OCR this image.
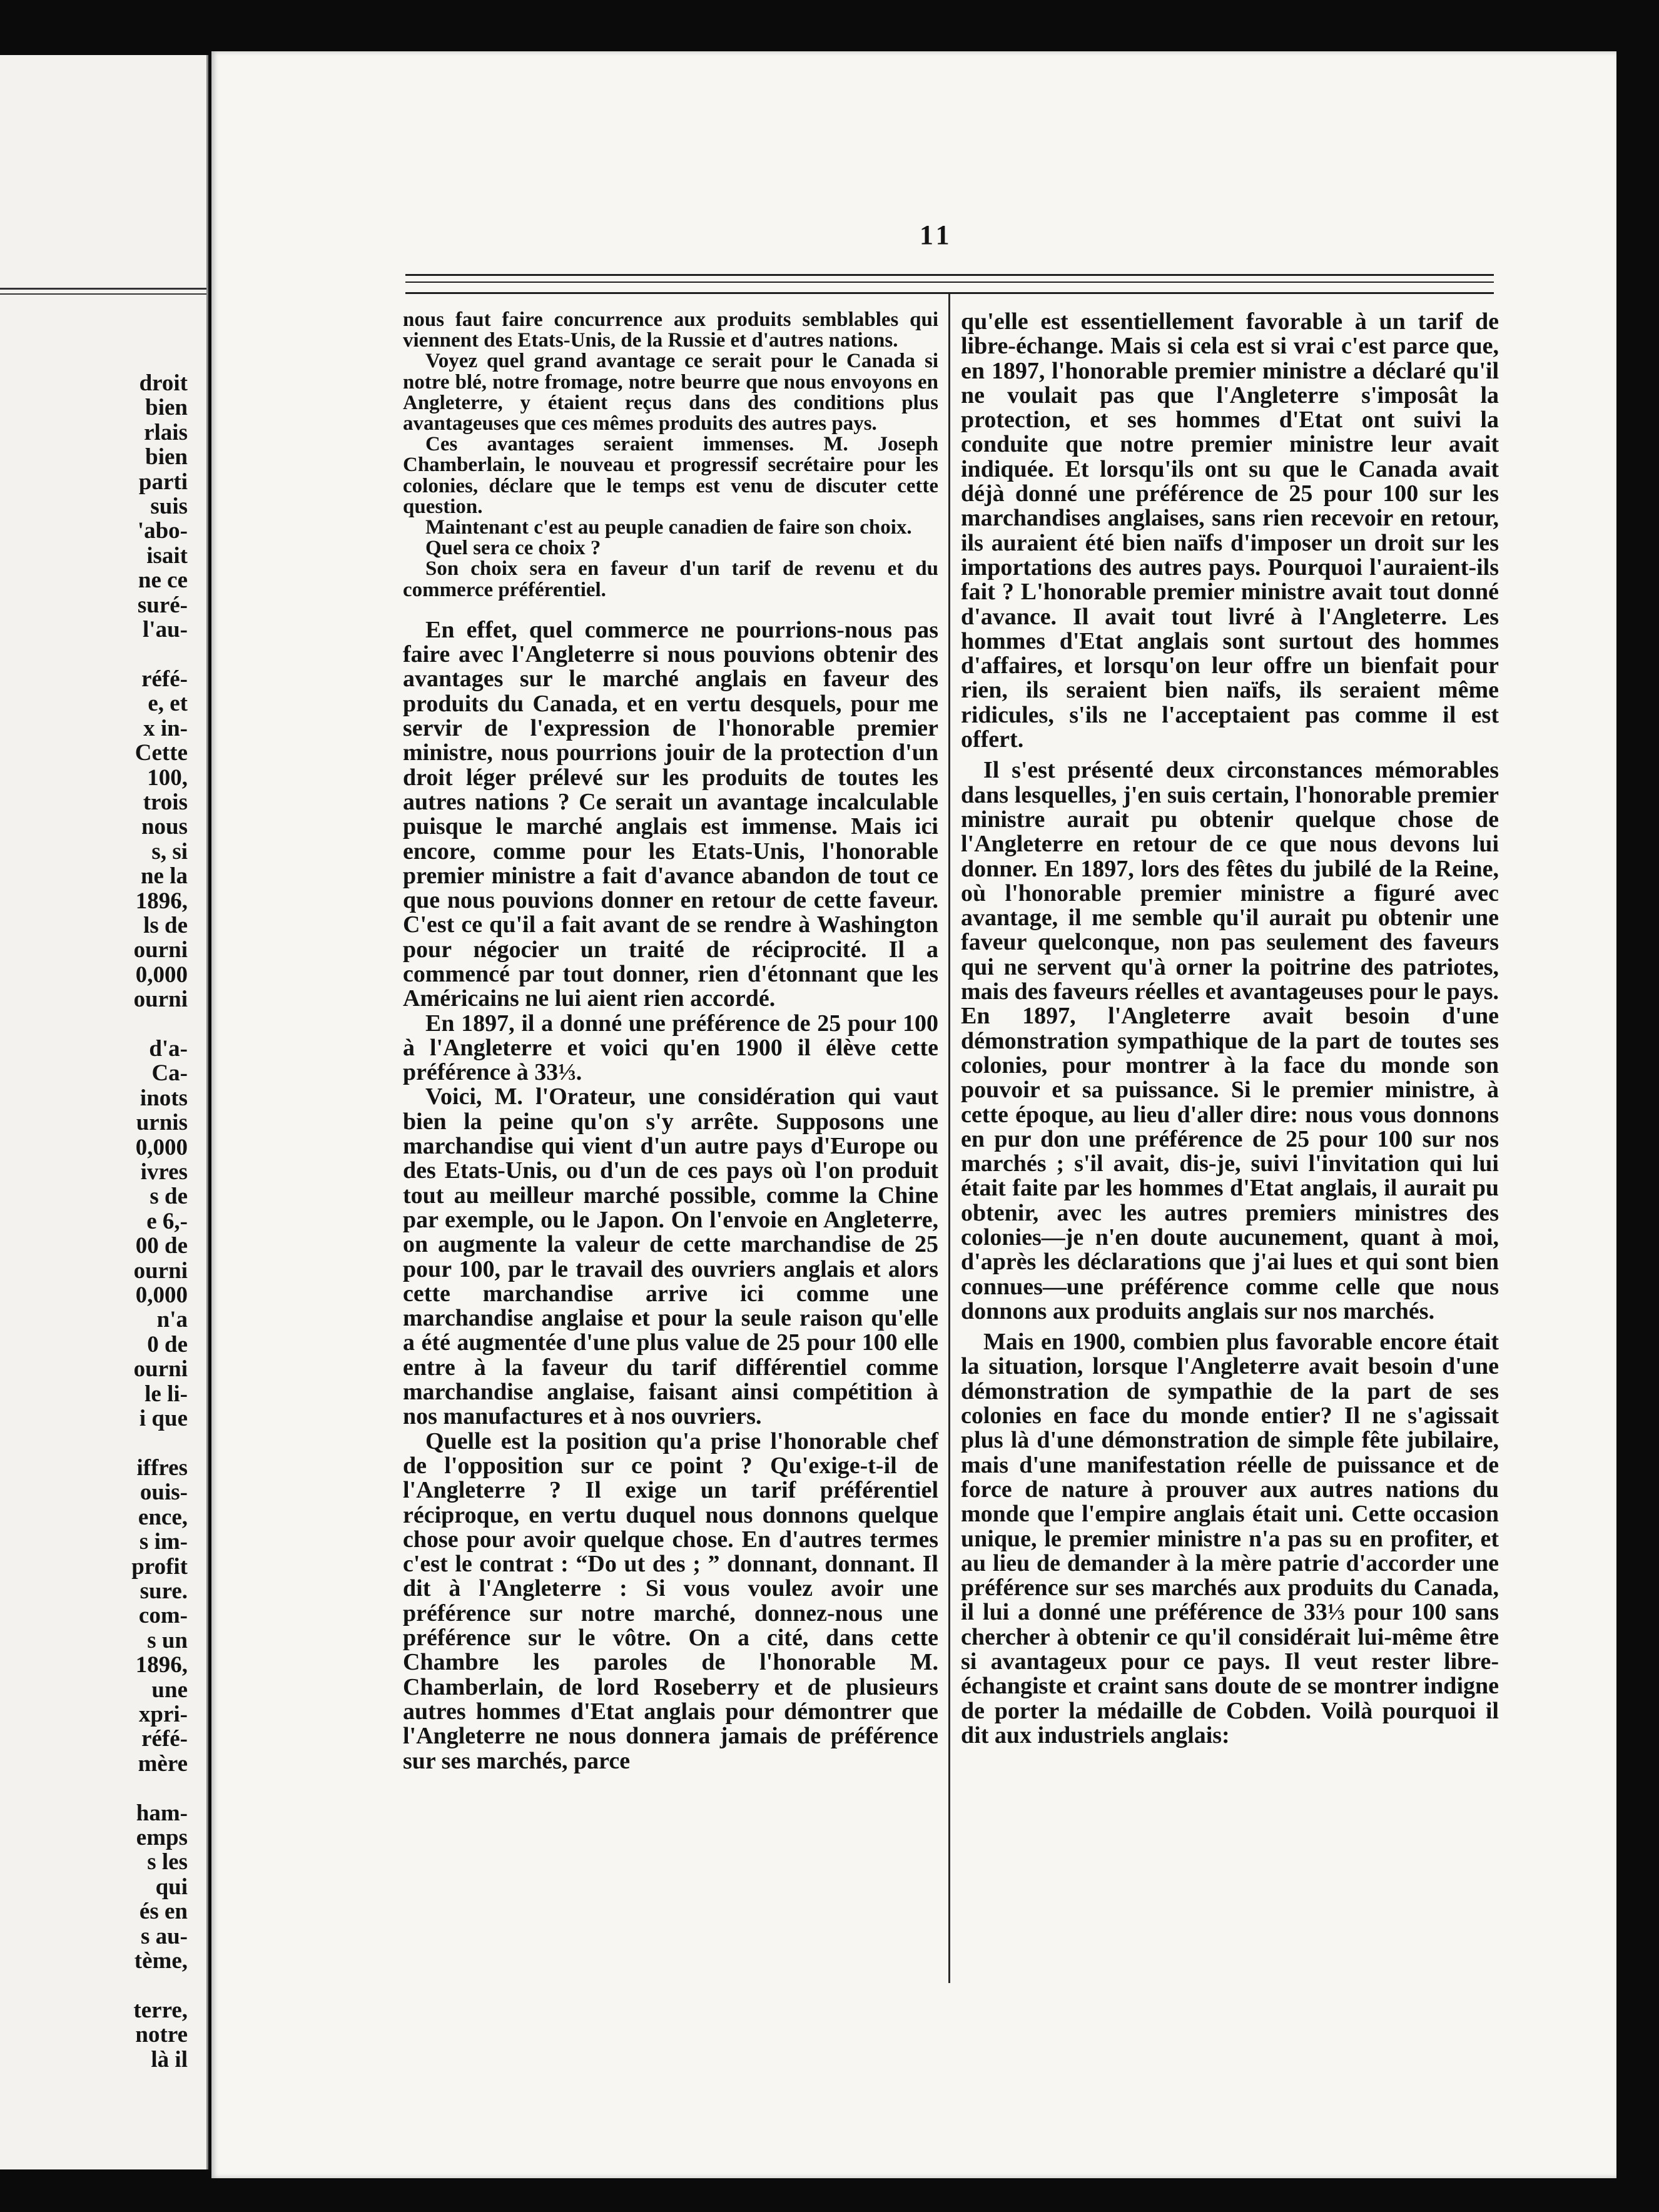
droit
bien
rlais
bien
parti
suis
'abo-
isait
ne ce
suré-
l'au-

réfé-
e, et
x in-
Cette
100,
trois
nous
s, si
ne la
1896,
ls de
ourni
0,000
ourni

d'a-
Ca-
inots
urnis
0,000
ivres
s de
e 6,-
00 de
ourni
0,000
n'a
0 de
ourni
le li-
i que

iffres
ouis-
ence,
s im-
profit
sure.
com-
s un
1896,
une
xpri-
réfé-
mère

ham-
emps
s les
qui
és en
s au-
tème,

terre,
notre
là il
11

nous faut faire concurrence aux produits semblables qui viennent des Etats-Unis, de la Russie et d'autres nations.

Voyez quel grand avantage ce serait pour le Canada si notre blé, notre fromage, notre beurre que nous envoyons en Angleterre, y étaient reçus dans des conditions plus avantageuses que ces mêmes produits des autres pays.

Ces avantages seraient immenses. M. Joseph Chamberlain, le nouveau et progressif secrétaire pour les colonies, déclare que le temps est venu de discuter cette question.

Maintenant c'est au peuple canadien de faire son choix.

Quel sera ce choix ?

Son choix sera en faveur d'un tarif de revenu et du commerce préférentiel.

En effet, quel commerce ne pourrions-nous pas faire avec l'Angleterre si nous pouvions obtenir des avantages sur le marché anglais en faveur des produits du Canada, et en vertu desquels, pour me servir de l'expression de l'honorable premier ministre, nous pourrions jouir de la protection d'un droit léger prélevé sur les produits de toutes les autres nations ? Ce serait un avantage incalculable puisque le marché anglais est immense. Mais ici encore, comme pour les Etats-Unis, l'honorable premier ministre a fait d'avance abandon de tout ce que nous pouvions donner en retour de cette faveur. C'est ce qu'il a fait avant de se rendre à Washington pour négocier un traité de réciprocité. Il a commencé par tout donner, rien d'étonnant que les Américains ne lui aient rien accordé.

En 1897, il a donné une préférence de 25 pour 100 à l'Angleterre et voici qu'en 1900 il élève cette préférence à 33⅓.

Voici, M. l'Orateur, une considération qui vaut bien la peine qu'on s'y arrête. Supposons une marchandise qui vient d'un autre pays d'Europe ou des Etats-Unis, ou d'un de ces pays où l'on produit tout au meilleur marché possible, comme la Chine par exemple, ou le Japon. On l'envoie en Angleterre, on augmente la valeur de cette marchandise de 25 pour 100, par le travail des ouvriers anglais et alors cette marchandise arrive ici comme une marchandise anglaise et pour la seule raison qu'elle a été augmentée d'une plus value de 25 pour 100 elle entre à la faveur du tarif différentiel comme marchandise anglaise, faisant ainsi compétition à nos manufactures et à nos ouvriers.

Quelle est la position qu'a prise l'honorable chef de l'opposition sur ce point ? Qu'exige-t-il de l'Angleterre ? Il exige un tarif préférentiel réciproque, en vertu duquel nous donnons quelque chose pour avoir quelque chose. En d'autres termes c'est le contrat : “Do ut des ; ” donnant, donnant. Il dit à l'Angleterre : Si vous voulez avoir une préférence sur notre marché, donnez-nous une préférence sur le vôtre. On a cité, dans cette Chambre les paroles de l'honorable M. Chamberlain, de lord Roseberry et de plusieurs autres hommes d'Etat anglais pour démontrer que l'Angleterre ne nous donnera jamais de préférence sur ses marchés, parce

qu'elle est essentiellement favorable à un tarif de libre-échange. Mais si cela est si vrai c'est parce que, en 1897, l'honorable premier ministre a déclaré qu'il ne voulait pas que l'Angleterre s'imposât la protection, et ses hommes d'Etat ont suivi la conduite que notre premier ministre leur avait indiquée. Et lorsqu'ils ont su que le Canada avait déjà donné une préférence de 25 pour 100 sur les marchandises anglaises, sans rien recevoir en retour, ils auraient été bien naïfs d'imposer un droit sur les importations des autres pays. Pourquoi l'auraient-ils fait ? L'honorable premier ministre avait tout donné d'avance. Il avait tout livré à l'Angleterre. Les hommes d'Etat anglais sont surtout des hommes d'affaires, et lorsqu'on leur offre un bienfait pour rien, ils seraient bien naïfs, ils seraient même ridicules, s'ils ne l'acceptaient pas comme il est offert.

Il s'est présenté deux circonstances mémorables dans lesquelles, j'en suis certain, l'honorable premier ministre aurait pu obtenir quelque chose de l'Angleterre en retour de ce que nous devons lui donner. En 1897, lors des fêtes du jubilé de la Reine, où l'honorable premier ministre a figuré avec avantage, il me semble qu'il aurait pu obtenir une faveur quelconque, non pas seulement des faveurs qui ne servent qu'à orner la poitrine des patriotes, mais des faveurs réelles et avantageuses pour le pays. En 1897, l'Angleterre avait besoin d'une démonstration sympathique de la part de toutes ses colonies, pour montrer à la face du monde son pouvoir et sa puissance. Si le premier ministre, à cette époque, au lieu d'aller dire: nous vous donnons en pur don une préférence de 25 pour 100 sur nos marchés ; s'il avait, dis-je, suivi l'invitation qui lui était faite par les hommes d'Etat anglais, il aurait pu obtenir, avec les autres premiers ministres des colonies—je n'en doute aucunement, quant à moi, d'après les déclarations que j'ai lues et qui sont bien connues—une préférence comme celle que nous donnons aux produits anglais sur nos marchés.

Mais en 1900, combien plus favorable encore était la situation, lorsque l'Angleterre avait besoin d'une démonstration de sympathie de la part de ses colonies en face du monde entier? Il ne s'agissait plus là d'une démonstration de simple fête jubilaire, mais d'une manifestation réelle de puissance et de force de nature à prouver aux autres nations du monde que l'empire anglais était uni. Cette occasion unique, le premier ministre n'a pas su en profiter, et au lieu de demander à la mère patrie d'accorder une préférence sur ses marchés aux produits du Canada, il lui a donné une préférence de 33⅓ pour 100 sans chercher à obtenir ce qu'il considérait lui-même être si avantageux pour ce pays. Il veut rester libre-échangiste et craint sans doute de se montrer indigne de porter la médaille de Cobden. Voilà pourquoi il dit aux industriels anglais:
